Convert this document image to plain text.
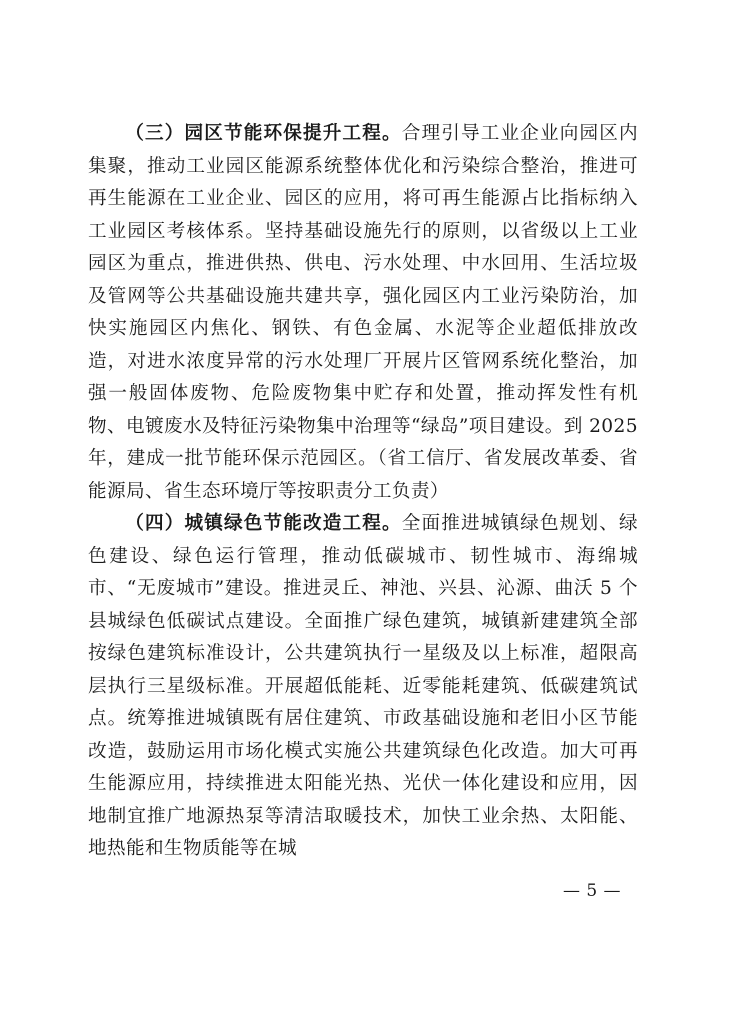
（三）园区节能环保提升工程。合理引导工业企业向园区内集聚，推动工业园区能源系统整体优化和污染综合整治，推进可再生能源在工业企业、园区的应用，将可再生能源占比指标纳入工业园区考核体系。坚持基础设施先行的原则，以省级以上工业园区为重点，推进供热、供电、污水处理、中水回用、生活垃圾及管网等公共基础设施共建共享，强化园区内工业污染防治，加快实施园区内焦化、钢铁、有色金属、水泥等企业超低排放改造，对进水浓度异常的污水处理厂开展片区管网系统化整治，加强一般固体废物、危险废物集中贮存和处置，推动挥发性有机物、电镀废水及特征污染物集中治理等“绿岛”项目建设。到 2025 年，建成一批节能环保示范园区。（省工信厅、省发展改革委、省能源局、省生态环境厅等按职责分工负责）

（四）城镇绿色节能改造工程。全面推进城镇绿色规划、绿色建设、绿色运行管理，推动低碳城市、韧性城市、海绵城市、“无废城市”建设。推进灵丘、神池、兴县、沁源、曲沃 5 个县城绿色低碳试点建设。全面推广绿色建筑，城镇新建建筑全部按绿色建筑标准设计，公共建筑执行一星级及以上标准，超限高层执行三星级标准。开展超低能耗、近零能耗建筑、低碳建筑试点。统筹推进城镇既有居住建筑、市政基础设施和老旧小区节能改造，鼓励运用市场化模式实施公共建筑绿色化改造。加大可再生能源应用，持续推进太阳能光热、光伏一体化建设和应用，因地制宜推广地源热泵等清洁取暖技术，加快工业余热、太阳能、地热能和生物质能等在城

— 5 —
